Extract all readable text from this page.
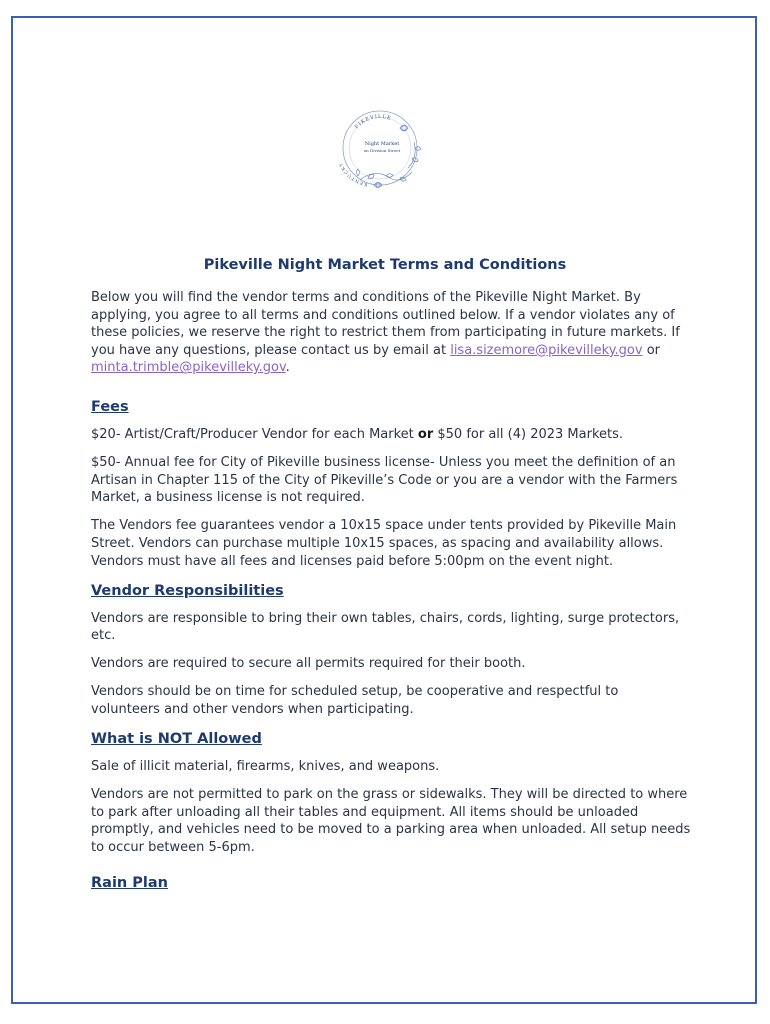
PIKEVILLE
KENTUCKY
Night Market
on Division Street
Pikeville Night Market Terms and Conditions

Below you will find the vendor terms and conditions of the Pikeville Night Market. By applying, you agree to all terms and conditions outlined below. If a vendor violates any of these policies, we reserve the right to restrict them from participating in future markets. If you have any questions, please contact us by email at lisa.sizemore@pikevilleky.gov or minta.trimble@pikevilleky.gov.

Fees

$20- Artist/Craft/Producer Vendor for each Market or $50 for all (4) 2023 Markets.

$50- Annual fee for City of Pikeville business license- Unless you meet the definition of an Artisan in Chapter 115 of the City of Pikeville’s Code or you are a vendor with the Farmers Market, a business license is not required.

The Vendors fee guarantees vendor a 10x15 space under tents provided by Pikeville Main Street. Vendors can purchase multiple 10x15 spaces, as spacing and availability allows. Vendors must have all fees and licenses paid before 5:00pm on the event night.

Vendor Responsibilities

Vendors are responsible to bring their own tables, chairs, cords, lighting, surge protectors, etc.

Vendors are required to secure all permits required for their booth.

Vendors should be on time for scheduled setup, be cooperative and respectful to volunteers and other vendors when participating.

What is NOT Allowed

Sale of illicit material, firearms, knives, and weapons.

Vendors are not permitted to park on the grass or sidewalks. They will be directed to where to park after unloading all their tables and equipment. All items should be unloaded promptly, and vehicles need to be moved to a parking area when unloaded. All setup needs to occur between 5-6pm.

Rain Plan
